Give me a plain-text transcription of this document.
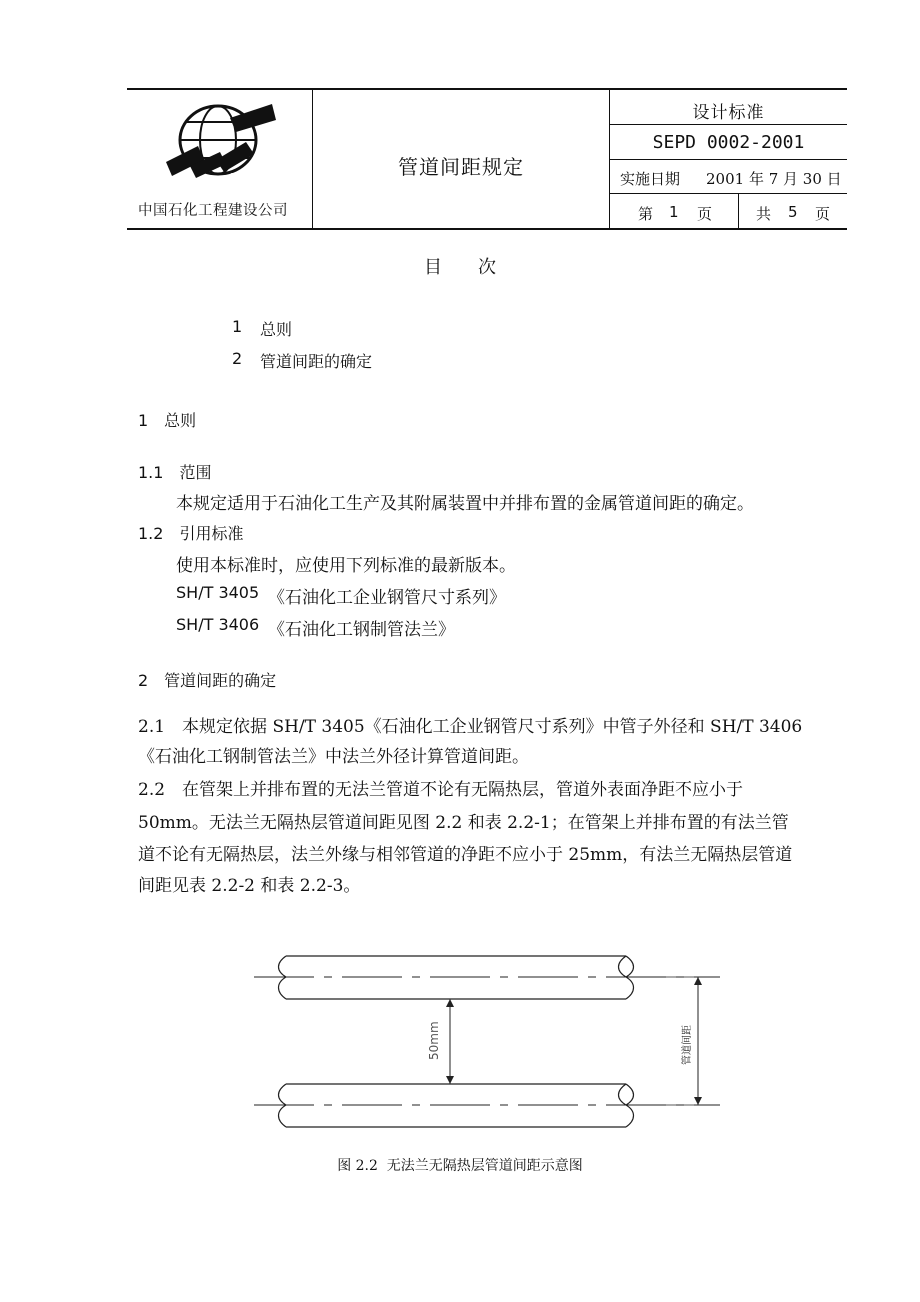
SEI SINOPEC
中国石化工程建设公司
管道间距规定
设计标准
SEPD 0002-2001
实施日期 2001 年 7 月 30 日
第 1 页	共 5 页
目　　次
1 总则
2 管道间距的确定
1　总则
1.1　范围
本规定适用于石油化工生产及其附属装置中并排布置的金属管道间距的确定。
1.2　引用标准
使用本标准时，应使用下列标准的最新版本。
SH/T 3405 《石油化工企业钢管尺寸系列》
SH/T 3406 《石油化工钢制管法兰》
2　管道间距的确定
2.1　本规定依据 SH/T 3405《石油化工企业钢管尺寸系列》中管子外径和 SH/T 3406
《石油化工钢制管法兰》中法兰外径计算管道间距。
2.2　在管架上并排布置的无法兰管道不论有无隔热层，管道外表面净距不应小于
50mm。无法兰无隔热层管道间距见图 2.2 和表 2.2-1；在管架上并排布置的有法兰管
道不论有无隔热层，法兰外缘与相邻管道的净距不应小于 25mm，有法兰无隔热层管道
间距见表 2.2-2 和表 2.2-3。
50mm	管道间距
图 2.2  无法兰无隔热层管道间距示意图
